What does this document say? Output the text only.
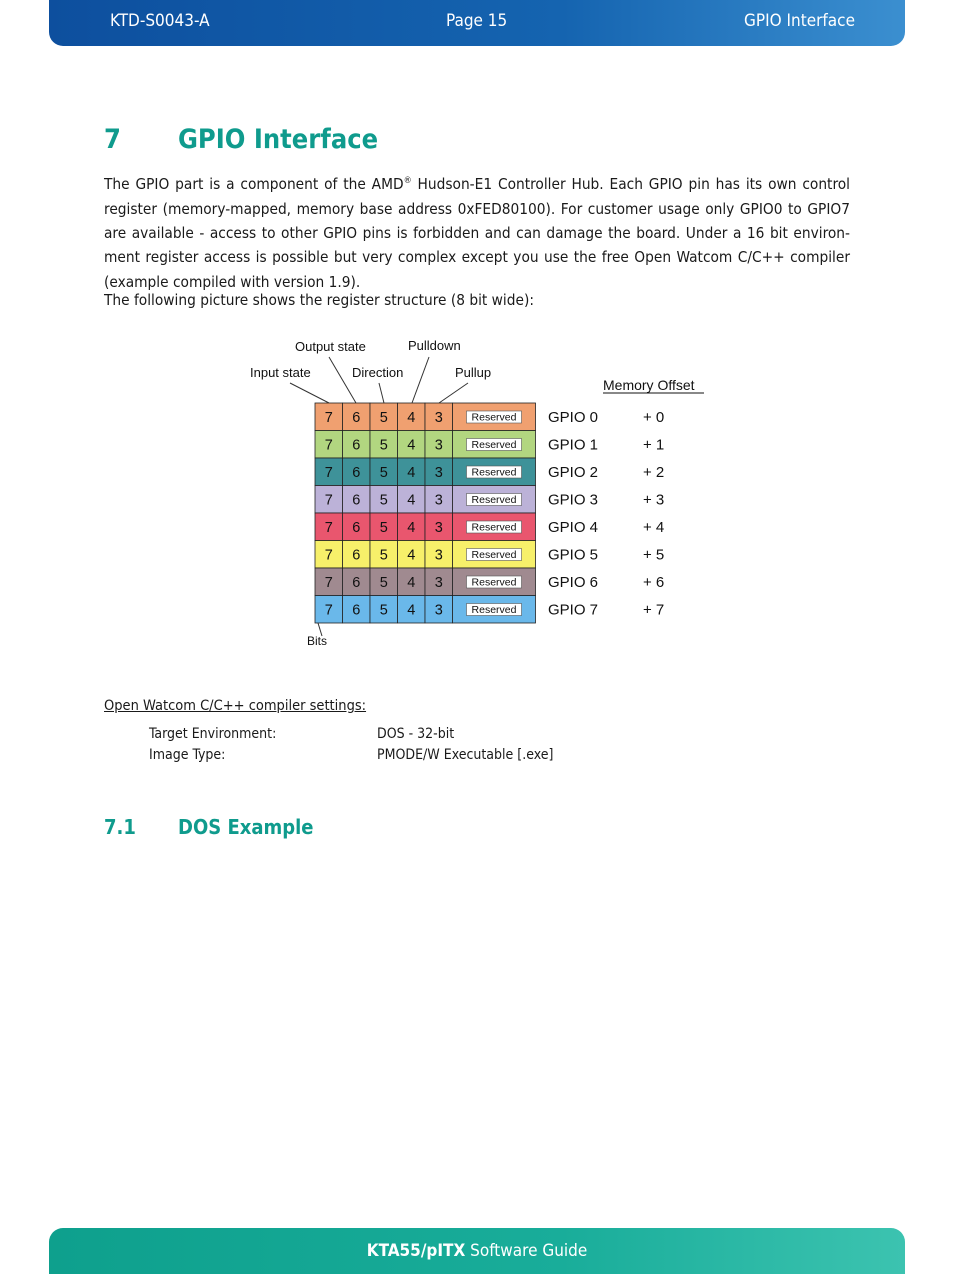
KTD-S0043-A	Page 15	GPIO Interface
7 GPIO Interface
The GPIO part is a component of the AMD® Hudson-E1 Controller Hub. Each GPIO pin has its own control register (memory-mapped, memory base address 0xFED80100). For customer usage only GPIO0 to GPIO7 are available - access to other GPIO pins is forbidden and can damage the board. Under a 16 bit environ-ment register access is possible but very complex except you use the free Open Watcom C/C++ compiler (example compiled with version 1.9).
The following picture shows the register structure (8 bit wide):
Output state	Pulldown
Input state	Direction	Pullup
Memory Offset
Bits
7 6 5 4 3	Reserved GPIO 0	+ 0
7 6 5 4 3	Reserved GPIO 1	+ 1
7 6 5 4 3	Reserved GPIO 2	+ 2
7 6 5 4 3	Reserved GPIO 3	+ 3
7 6 5 4 3	Reserved GPIO 4	+ 4
7 6 5 4 3	Reserved GPIO 5	+ 5
7 6 5 4 3	Reserved GPIO 6	+ 6
7 6 5 4 3	Reserved GPIO 7	+ 7
Open Watcom C/C++ compiler settings:
Target Environment:	DOS - 32-bit
Image Type:	PMODE/W Executable [.exe]
7.1 DOS Example
KTA55/pITX Software Guide
